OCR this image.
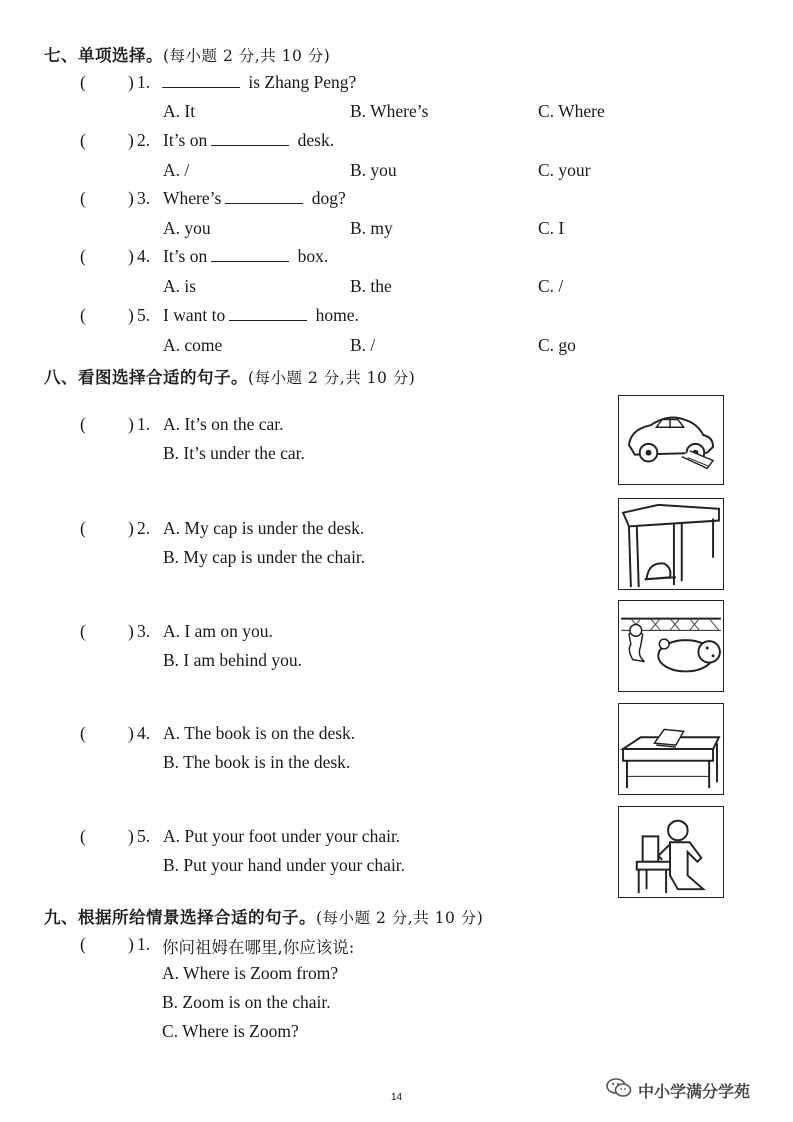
七、单项选择。(每小题 2 分,共 10 分)
( ) 1.	is Zhang Peng?
A. It	B. Where’s	C. Where
( ) 2. It’s on	desk.
A. /	B. you	C. your
( ) 3. Where’s	dog?
A. you	B. my	C. I
( ) 4. It’s on	box.
A. is	B. the	C. /
( ) 5. I want to	home.
A. come	B. /	C. go
八、看图选择合适的句子。(每小题 2 分,共 10 分)
( ) 1. A. It’s on the car.
B. It’s under the car.
( ) 2. A. My cap is under the desk.
B. My cap is under the chair.
( ) 3. A. I am on you.
B. I am behind you.
( ) 4. A. The book is on the desk.
B. The book is in the desk.
( ) 5. A. Put your foot under your chair.
B. Put your hand under your chair.
九、根据所给情景选择合适的句子。(每小题 2 分,共 10 分)
( ) 1. 你问祖姆在哪里,你应该说:
A. Where is Zoom from?
B. Zoom is on the chair.
C. Where is Zoom?
14	中小学满分学苑
